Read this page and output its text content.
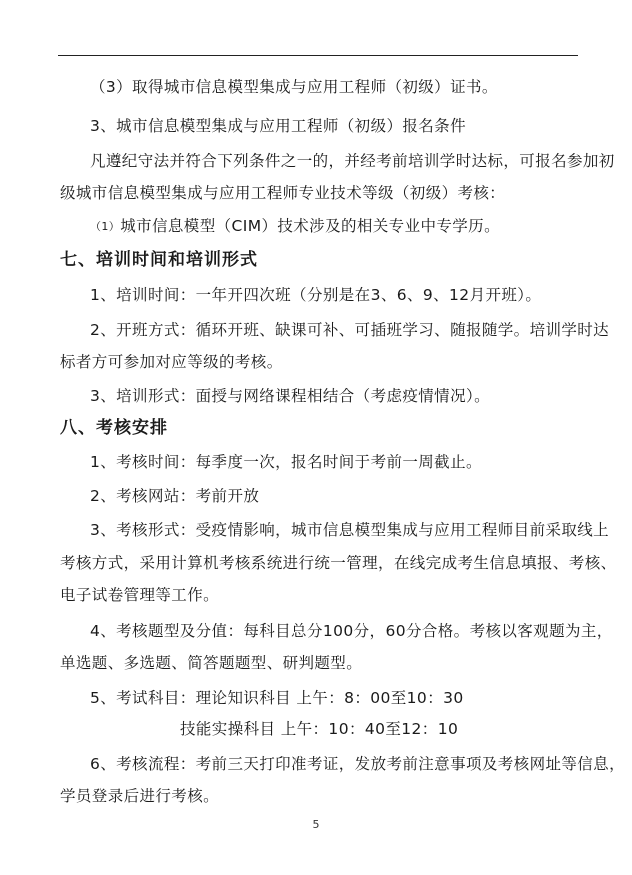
（3）取得城市信息模型集成与应用工程师（初级）证书。
3、城市信息模型集成与应用工程师（初级）报名条件
凡遵纪守法并符合下列条件之一的，并经考前培训学时达标，可报名参加初
级城市信息模型集成与应用工程师专业技术等级（初级）考核：
（1）城市信息模型（CIM）技术涉及的相关专业中专学历。
七、培训时间和培训形式
1、培训时间：一年开四次班（分别是在3、6、9、12月开班）。
2、开班方式：循环开班、缺课可补、可插班学习、随报随学。培训学时达
标者方可参加对应等级的考核。
3、培训形式：面授与网络课程相结合（考虑疫情情况）。
八、考核安排
1、考核时间：每季度一次，报名时间于考前一周截止。
2、考核网站：考前开放
3、考核形式：受疫情影响，城市信息模型集成与应用工程师目前采取线上
考核方式，采用计算机考核系统进行统一管理，在线完成考生信息填报、考核、
电子试卷管理等工作。
4、考核题型及分值：每科目总分100分，60分合格。考核以客观题为主，
单选题、多选题、简答题题型、研判题型。
5、考试科目：理论知识科目 上午：8：00至10：30
技能实操科目 上午：10：40至12：10
6、考核流程：考前三天打印准考证，发放考前注意事项及考核网址等信息，
学员登录后进行考核。
5
